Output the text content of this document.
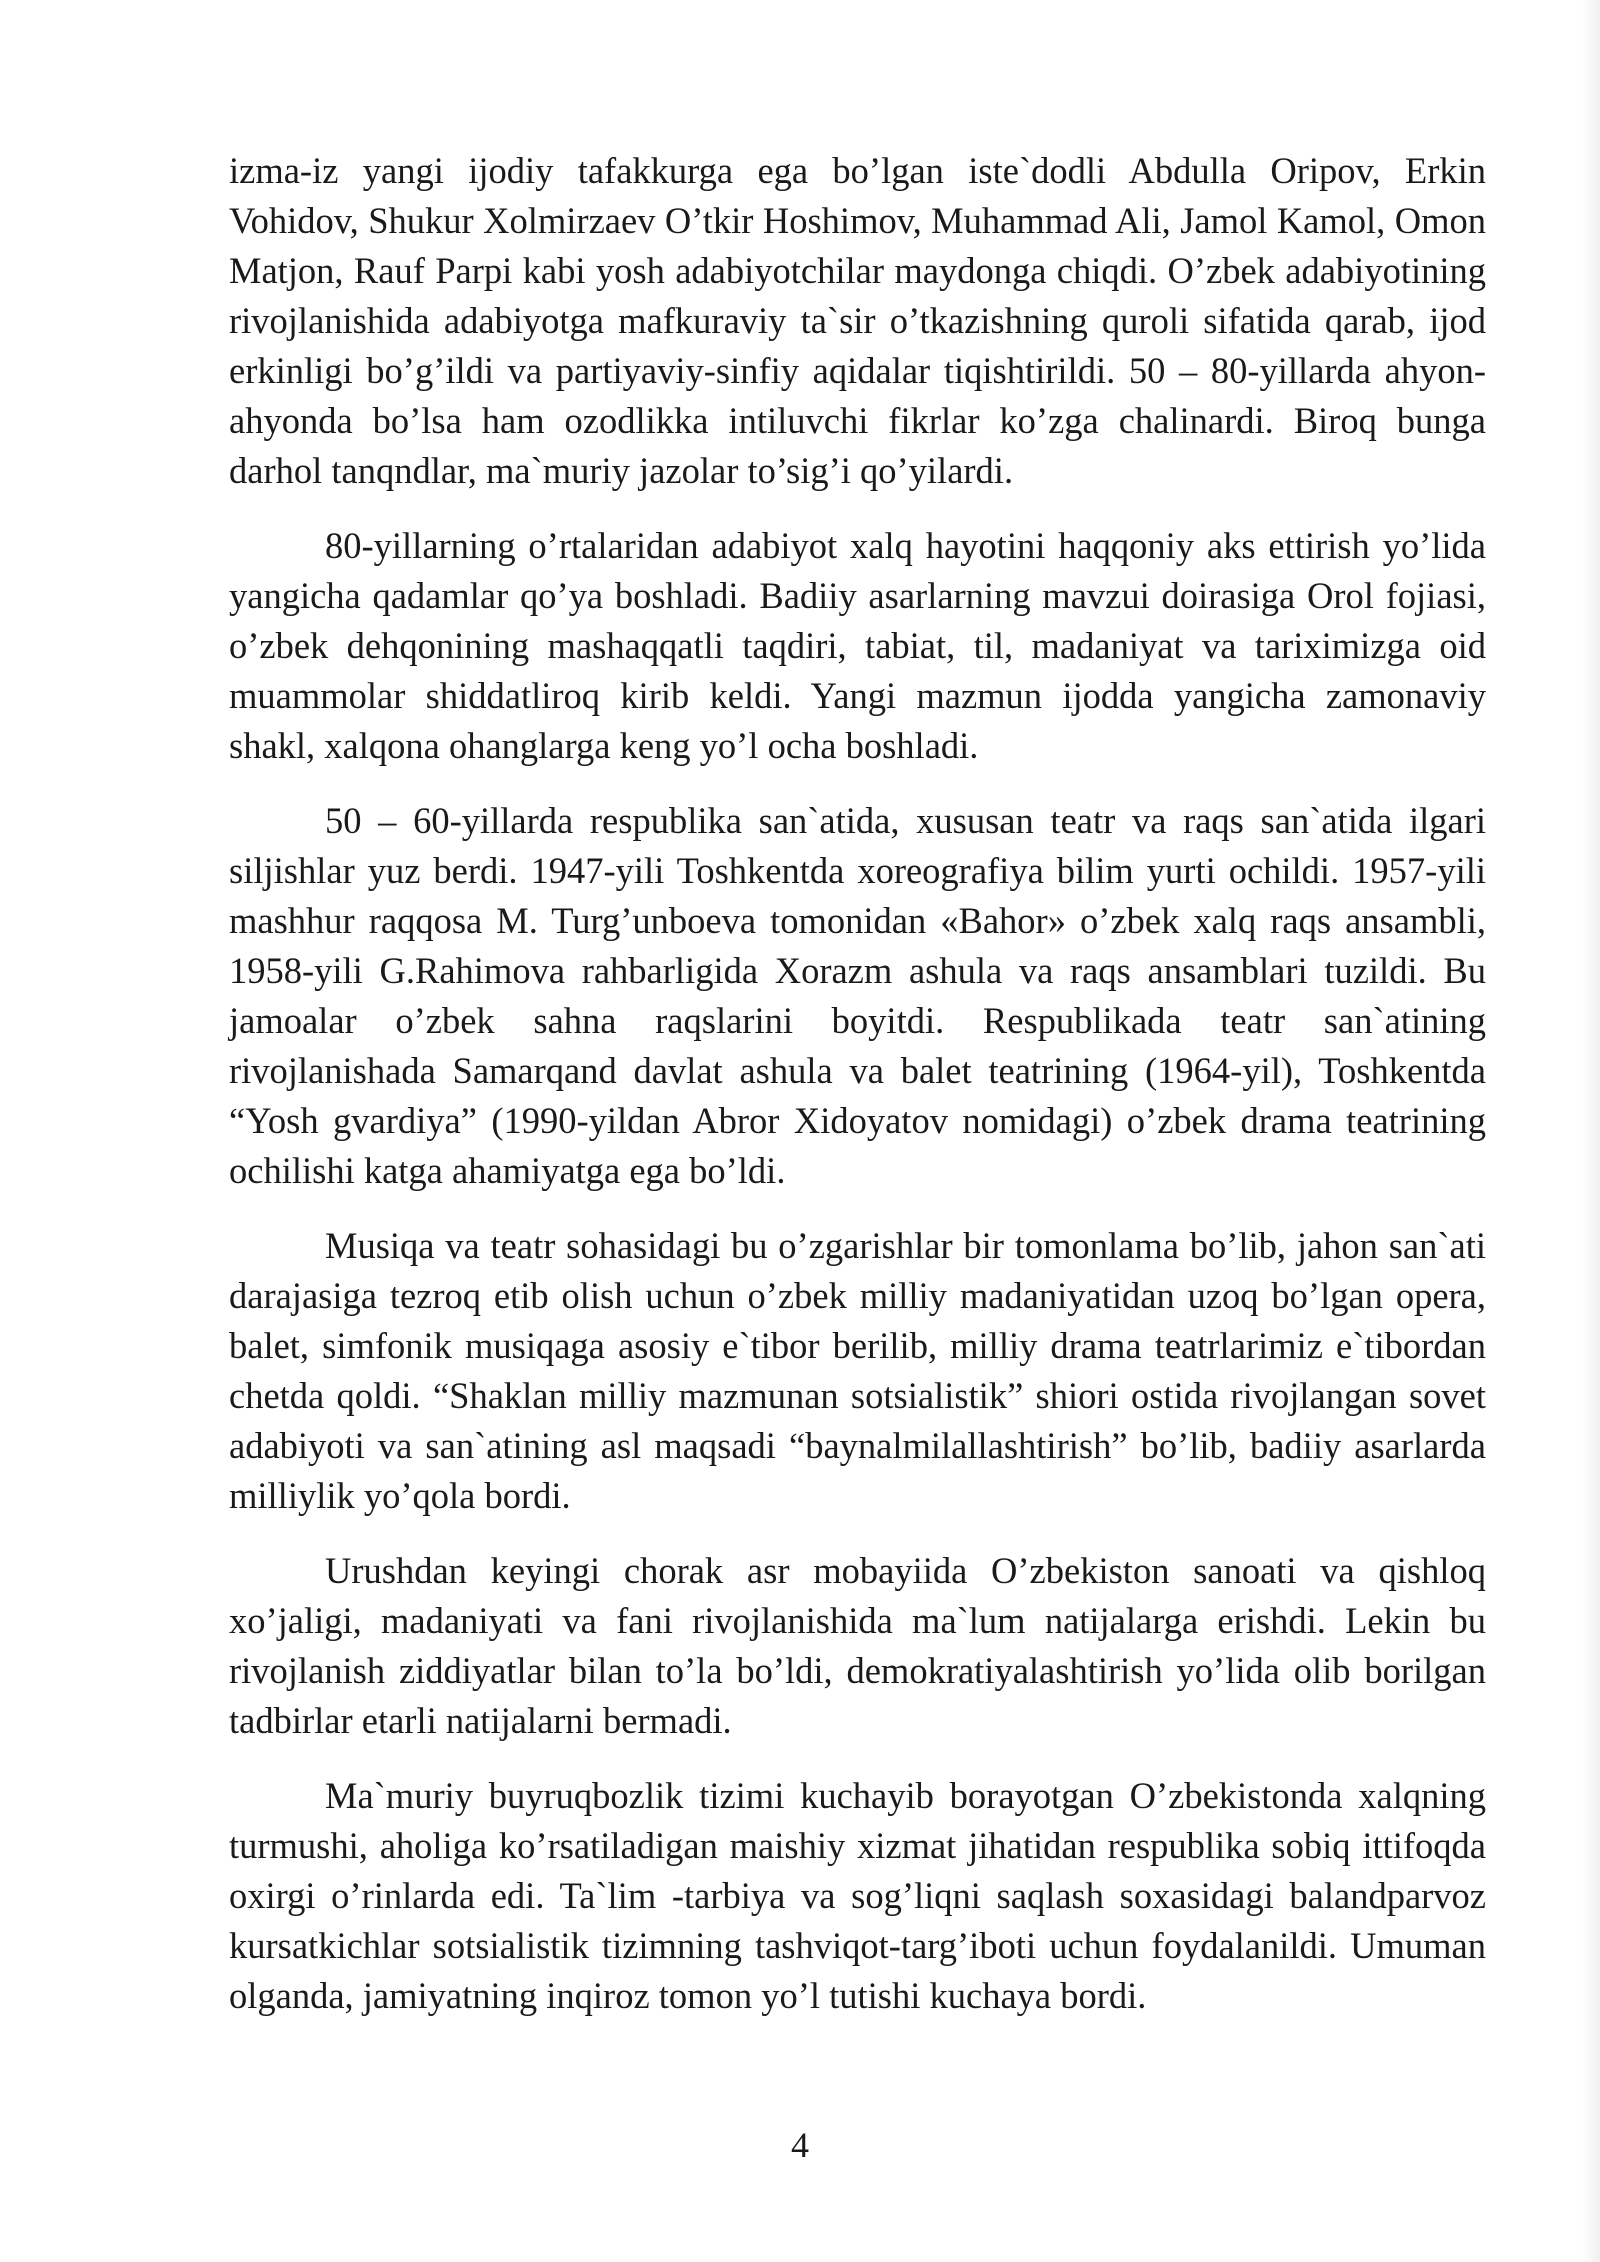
izma-iz yangi ijodiy tafakkurga ega bo’lgan iste`dodli Abdulla Oripov, Erkin Vohidov, Shukur Xolmirzaev O’tkir Hoshimov, Muhammad Ali, Jamol Kamol, Omon Matjon, Rauf Parpi kabi yosh adabiyotchilar maydonga chiqdi. O’zbek adabiyotining rivojlanishida adabiyotga mafkuraviy ta`sir o’tkazishning quroli sifatida qarab, ijod erkinligi bo’g’ildi va partiyaviy-sinfiy aqidalar tiqishtirildi. 50 – 80-yillarda ahyon-ahyonda bo’lsa ham ozodlikka intiluvchi fikrlar ko’zga chalinardi. Biroq bunga darhol tanqndlar, ma`muriy jazolar to’sig’i qo’yilardi.

80-yillarning o’rtalaridan adabiyot xalq hayotini haqqoniy aks ettirish yo’lida yangicha qadamlar qo’ya boshladi. Badiiy asarlarning mavzui doirasiga Orol fojiasi, o’zbek dehqonining mashaqqatli taqdiri, tabiat, til, madaniyat va tariximizga oid muammolar shiddatliroq kirib keldi. Yangi mazmun ijodda yangicha zamonaviy shakl, xalqona ohanglarga keng yo’l ocha boshladi.

50 – 60-yillarda respublika san`atida, xususan teatr va raqs san`atida ilgari siljishlar yuz berdi. 1947-yili Toshkentda xoreografiya bilim yurti ochildi. 1957-yili mashhur raqqosa M. Turg’unboeva tomonidan «Bahor» o’zbek xalq raqs ansambli, 1958-yili G.Rahimova rahbarligida Xorazm ashula va raqs ansamblari tuzildi. Bu jamoalar o’zbek sahna raqslarini boyitdi. Respublikada teatr san`atining rivojlanishada Samarqand davlat ashula va balet teatrining (1964-yil), Toshkentda “Yosh gvardiya” (1990-yildan Abror Xidoyatov nomidagi) o’zbek drama teatrining ochilishi katga ahamiyatga ega bo’ldi.

Musiqa va teatr sohasidagi bu o’zgarishlar bir tomonlama bo’lib, jahon san`ati darajasiga tezroq etib olish uchun o’zbek milliy madaniyatidan uzoq bo’lgan opera, balet, simfonik musiqaga asosiy e`tibor berilib, milliy drama teatrlarimiz e`tibordan chetda qoldi. “Shaklan milliy mazmunan sotsialistik” shiori ostida rivojlangan sovet adabiyoti va san`atining asl maqsadi “baynalmilallashtirish” bo’lib, badiiy asarlarda milliylik yo’qola bordi.

Urushdan keyingi chorak asr mobayiida O’zbekiston sanoati va qishloq xo’jaligi, madaniyati va fani rivojlanishida ma`lum natijalarga erishdi. Lekin bu rivojlanish ziddiyatlar bilan to’la bo’ldi, demokratiyalashtirish yo’lida olib borilgan tadbirlar etarli natijalarni bermadi.

Ma`muriy buyruqbozlik tizimi kuchayib borayotgan O’zbekistonda xalqning turmushi, aholiga ko’rsatiladigan maishiy xizmat jihatidan respublika sobiq ittifoqda oxirgi o’rinlarda edi. Ta`lim -tarbiya va sog’liqni saqlash soxasidagi balandparvoz kursatkichlar sotsialistik tizimning tashviqot-targ’iboti uchun foydalanildi. Umuman olganda, jamiyatning inqiroz tomon yo’l tutishi kuchaya bordi.

4
